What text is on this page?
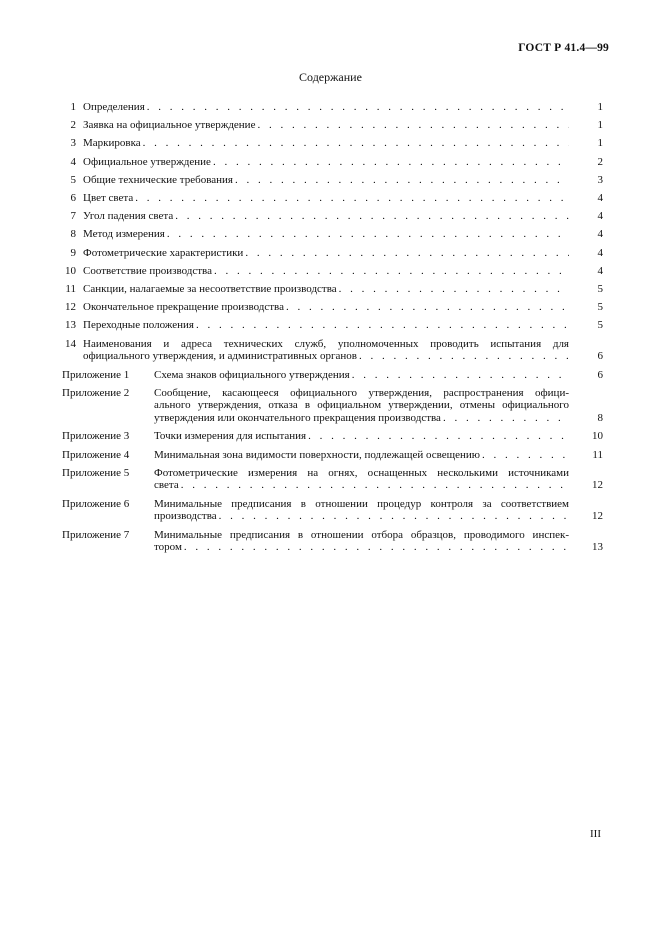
ГОСТ Р 41.4—99
Содержание
1 Определения . . .	1
2 Заявка на официальное утверждение . . .	1
3 Маркировка . . .	1
4 Официальное утверждение . . .	2
5 Общие технические требования . . .	3
6 Цвет света . . .	4
7 Угол падения света . . .	4
8 Метод измерения . . .	4
9 Фотометрические характеристики . . .	4
10 Соответствие производства . . .	4
11 Санкции, налагаемые за несоответствие производства . . .	5
12 Окончательное прекращение производства . . .	5
13 Переходные положения . . .	5
14 Наименования и адреса технических служб, уполномоченных проводить испытания для
официального утверждения, и административных органов . . .	6
Приложение 1 Схема знаков официального утверждения . . .	6
Приложение 2 Сообщение, касающееся официального утверждения, распространения офици-
ального утверждения, отказа в официальном утверждении, отмены официального
утверждения или окончательного прекращения производства . . .	8
Приложение 3 Точки измерения для испытания . . .	10
Приложение 4 Минимальная зона видимости поверхности, подлежащей освещению . . .	11
Приложение 5 Фотометрические измерения на огнях, оснащенных несколькими источниками
света . . .	12
Приложение 6 Минимальные предписания в отношении процедур контроля за соответствием
производства . . .	12
Приложение 7 Минимальные предписания в отношении отбора образцов, проводимого инспек-
тором . . .	13
III
